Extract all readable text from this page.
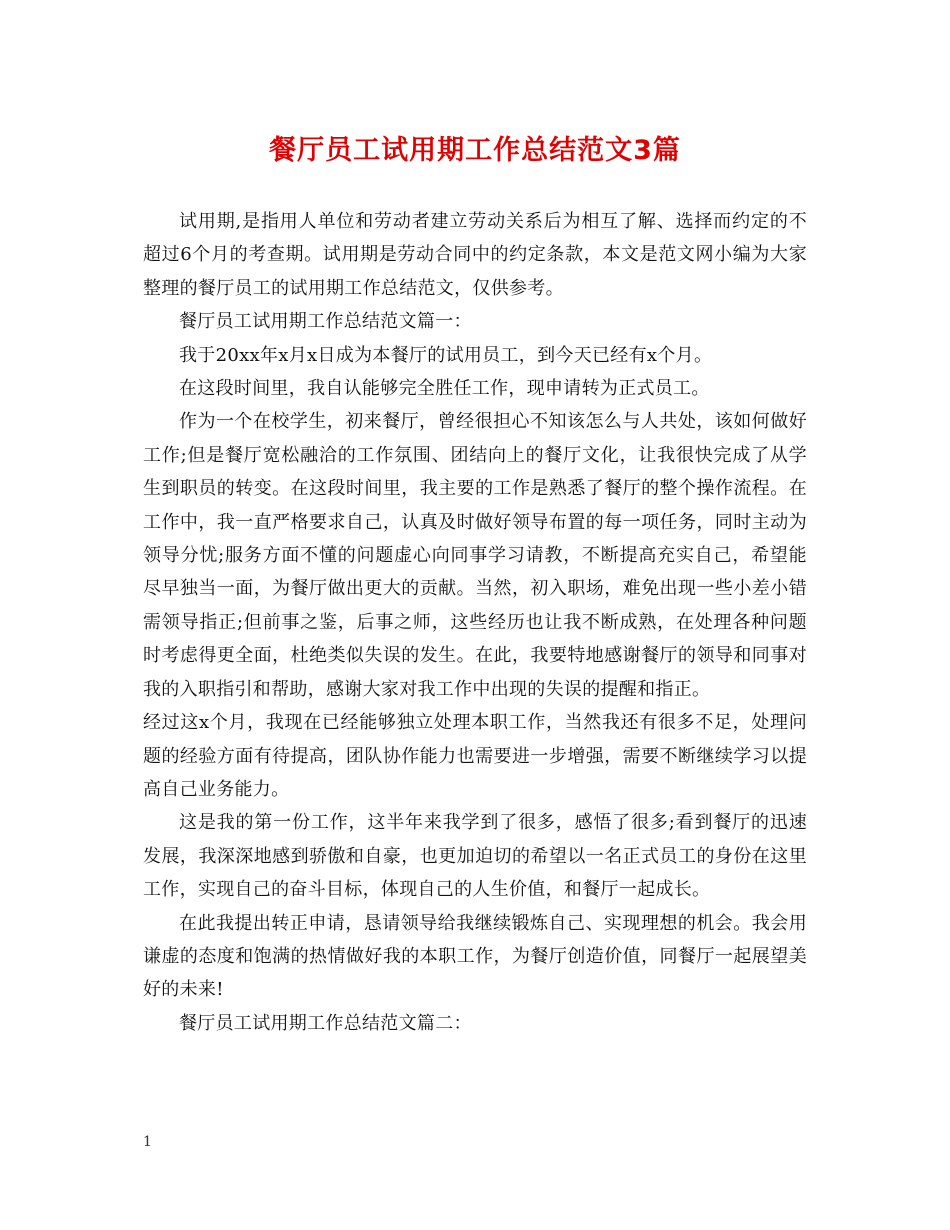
餐厅员工试用期工作总结范文3篇

试用期,是指用人单位和劳动者建立劳动关系后为相互了解、选择而约定的不超过6个月的考查期。试用期是劳动合同中的约定条款，本文是范文网小编为大家整理的餐厅员工的试用期工作总结范文，仅供参考。

餐厅员工试用期工作总结范文篇一：

我于20xx年x月x日成为本餐厅的试用员工，到今天已经有x个月。

在这段时间里，我自认能够完全胜任工作，现申请转为正式员工。

作为一个在校学生，初来餐厅，曾经很担心不知该怎么与人共处，该如何做好工作;但是餐厅宽松融洽的工作氛围、团结向上的餐厅文化，让我很快完成了从学生到职员的转变。在这段时间里，我主要的工作是熟悉了餐厅的整个操作流程。在工作中，我一直严格要求自己，认真及时做好领导布置的每一项任务，同时主动为领导分忧;服务方面不懂的问题虚心向同事学习请教，不断提高充实自己，希望能尽早独当一面，为餐厅做出更大的贡献。当然，初入职场，难免出现一些小差小错需领导指正;但前事之鉴，后事之师，这些经历也让我不断成熟，在处理各种问题时考虑得更全面，杜绝类似失误的发生。在此，我要特地感谢餐厅的领导和同事对我的入职指引和帮助，感谢大家对我工作中出现的失误的提醒和指正。

经过这x个月，我现在已经能够独立处理本职工作，当然我还有很多不足，处理问题的经验方面有待提高，团队协作能力也需要进一步增强，需要不断继续学习以提高自己业务能力。

这是我的第一份工作，这半年来我学到了很多，感悟了很多;看到餐厅的迅速发展，我深深地感到骄傲和自豪，也更加迫切的希望以一名正式员工的身份在这里工作，实现自己的奋斗目标，体现自己的人生价值，和餐厅一起成长。

在此我提出转正申请，恳请领导给我继续锻炼自己、实现理想的机会。我会用谦虚的态度和饱满的热情做好我的本职工作，为餐厅创造价值，同餐厅一起展望美好的未来!

餐厅员工试用期工作总结范文篇二：

1
